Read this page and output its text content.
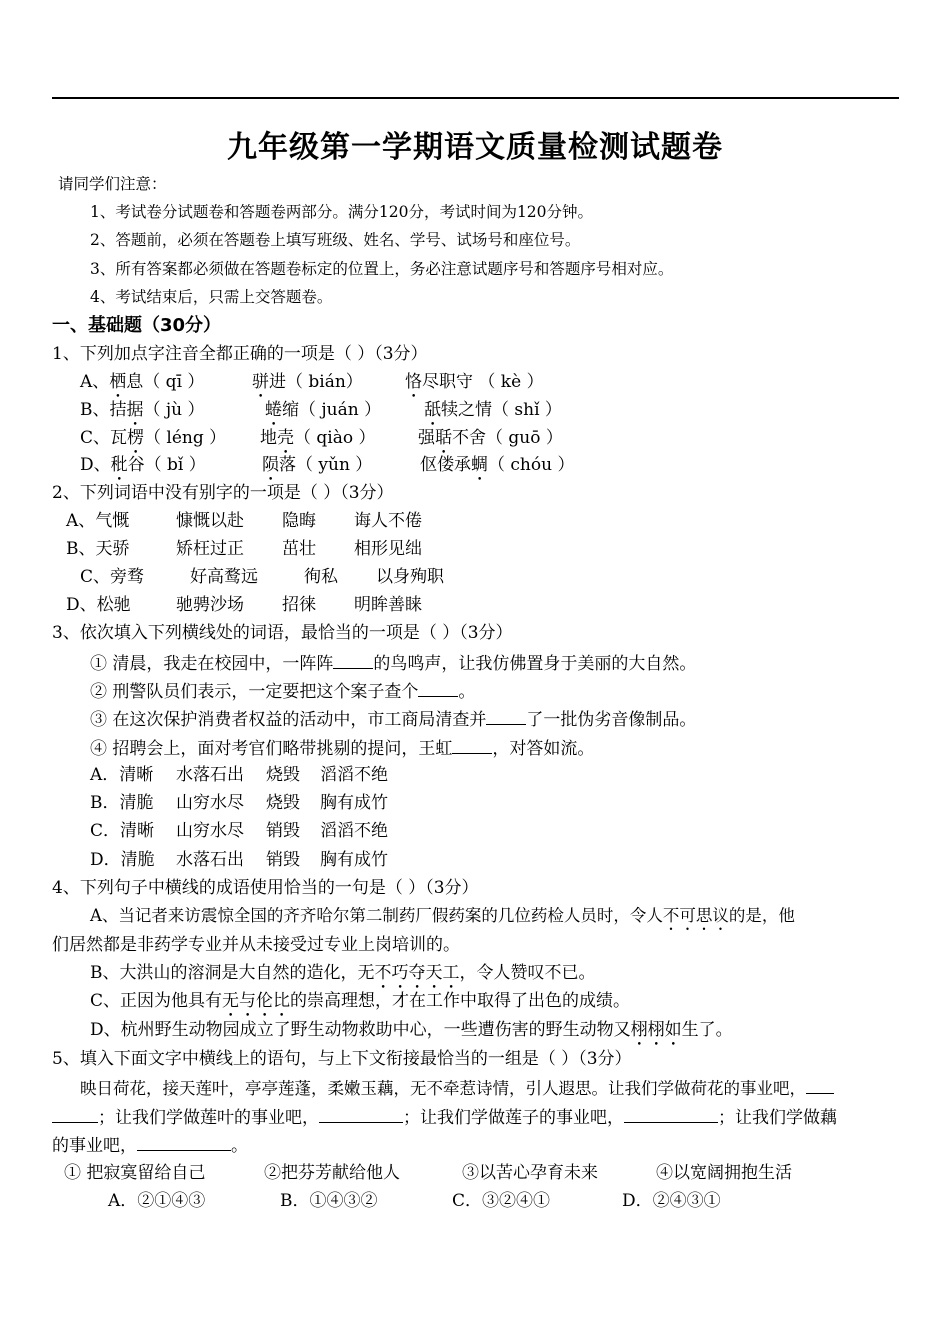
九年级第一学期语文质量检测试题卷
请同学们注意：
1、考试卷分试题卷和答题卷两部分。满分120分，考试时间为120分钟。
2、答题前，必须在答题卷上填写班级、姓名、学号、试场号和座位号。
3、所有答案都必须做在答题卷标定的位置上，务必注意试题序号和答题序号相对应。
4、考试结束后，只需上交答题卷。
一、基础题（30分）
1、下列加点字注音全都正确的一项是（ ）（3分）
A、栖息（ qī ）	骈进（ bián） 恪尽职守 （ kè ）
B、拮据（ jù ）	蜷缩（ juán ）	舐犊之情（ shǐ ）
C、瓦楞（ léng ） 地壳（ qiào ）	强聒不舍（ guō ）
D、秕谷（ bǐ ）	陨落（ yǔn ）	伛偻承蜩（ chóu ）
2、下列词语中没有别字的一项是（ ）（3分）
A、气慨	慷慨以赴 隐晦 诲人不倦
B、天骄	矫枉过正 茁壮 相形见绌
C、旁骛	好高鹜远	徇私 以身殉职
D、松驰	驰骋沙场 招徕 明眸善睐
3、依次填入下列横线处的词语，最恰当的一项是（ ）（3分）
① 清晨，我走在校园中，一阵阵 的鸟鸣声，让我仿佛置身于美丽的大自然。
② 刑警队员们表示，一定要把这个案子查个 。
③ 在这次保护消费者权益的活动中，市工商局清查并 了一批伪劣音像制品。
④ 招聘会上，面对考官们略带挑剔的提问，王虹 ，对答如流。
A．清晰 水落石出 烧毁 滔滔不绝
B．清脆 山穷水尽 烧毁 胸有成竹
C．清晰 山穷水尽 销毁 滔滔不绝
D．清脆 水落石出 销毁 胸有成竹
4、下列句子中横线的成语使用恰当的一句是（ ）（3分）
A、当记者来访震惊全国的齐齐哈尔第二制药厂假药案的几位药检人员时，令人不可思议的是，他
们居然都是非药学专业并从未接受过专业上岗培训的。
B、大洪山的溶洞是大自然的造化，无不巧夺天工，令人赞叹不已。
C、正因为他具有无与伦比的崇高理想，才在工作中取得了出色的成绩。
D、杭州野生动物园成立了野生动物救助中心，一些遭伤害的野生动物又栩栩如生了。
5、填入下面文字中横线上的语句，与上下文衔接最恰当的一组是（ ）（3分）
映日荷花，接天莲叶，亭亭莲蓬，柔嫩玉藕，无不牵惹诗情，引人遐思。让我们学做荷花的事业吧，
；让我们学做莲叶的事业吧，	；让我们学做莲子的事业吧，	；让我们学做藕
的事业吧，	。
① 把寂寞留给自己	②把芬芳献给他人	③以苦心孕育未来	④以宽阔拥抱生活
A．②①④③	B．①④③②	C．③②④①	D．②④③①
